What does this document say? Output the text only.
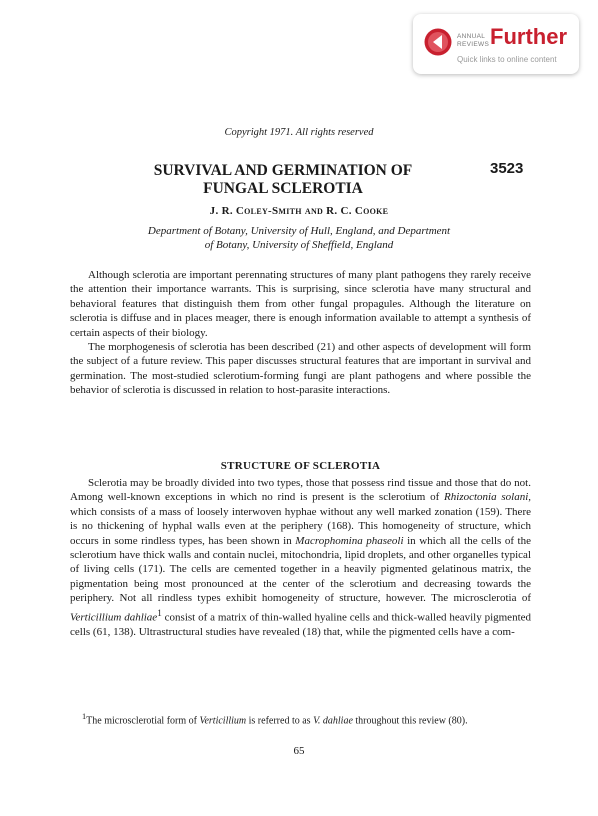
ANNUAL
REVIEWS Further
Quick links to online content
Copyright 1971. All rights reserved
SURVIVAL AND GERMINATION OF
FUNGAL SCLEROTIA
3523
J. R. Coley-Smith and R. C. Cooke
Department of Botany, University of Hull, England, and Department
of Botany, University of Sheffield, England

Although sclerotia are important perennating structures of many plant pathogens they rarely receive the attention their importance warrants. This is surprising, since sclerotia have many structural and behavioral features that distinguish them from other fungal propagules. Although the literature on sclerotia is diffuse and in places meager, there is enough information available to attempt a synthesis of certain aspects of their biology.

The morphogenesis of sclerotia has been described (21) and other aspects of development will form the subject of a future review. This paper discusses structural features that are important in survival and germination. The most-studied sclerotium-forming fungi are plant pathogens and where possible the behavior of sclerotia is discussed in relation to host-parasite interactions.

STRUCTURE OF SCLEROTIA

Sclerotia may be broadly divided into two types, those that possess rind tissue and those that do not. Among well-known exceptions in which no rind is present is the sclerotium of Rhizoctonia solani, which consists of a mass of loosely interwoven hyphae without any well marked zonation (159). There is no thickening of hyphal walls even at the periphery (168). This homogeneity of structure, which occurs in some rindless types, has been shown in Macrophomina phaseoli in which all the cells of the sclerotium have thick walls and contain nuclei, mitochondria, lipid droplets, and other organelles typical of living cells (171). The cells are cemented together in a heavily pigmented gelatinous matrix, the pigmentation being most pronounced at the center of the sclerotium and decreasing towards the periphery. Not all rindless types exhibit homogeneity of structure, however. The microsclerotia of Verticillium dahliae$^1$ consist of a matrix of thin-walled hyaline cells and thick-walled heavily pigmented cells (61, 138). Ultrastructural studies have revealed (18) that, while the pigmented cells have a com-

$^1$The microsclerotial form of Verticillium is referred to as V. dahliae throughout this review (80).

65
